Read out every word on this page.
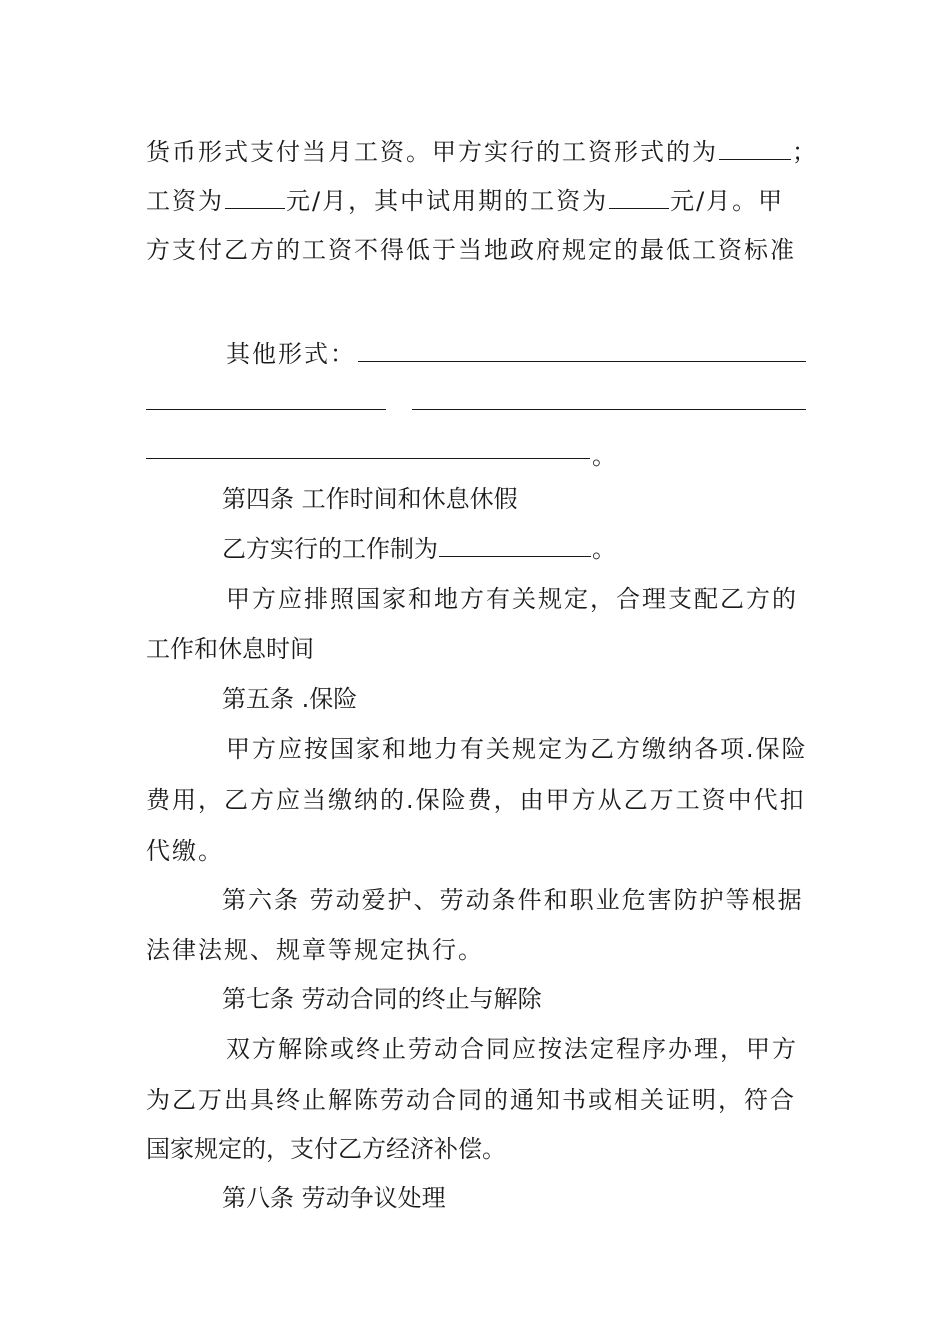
货币形式支付当月工资。甲方实行的工资形式的为	；
工资为	元/月，其中试用期的工资为	元/月。甲
方支付乙方的工资不得低于当地政府规定的最低工资标准
其他形式：
。
第四条 工作时间和休息休假
乙方实行的工作制为	。
甲方应排照国家和地方有关规定，合理支配乙方的
工作和休息时间
第五条 .保险
甲方应按国家和地力有关规定为乙方缴纳各项.保险
费用，乙方应当缴纳的.保险费，由甲方从乙万工资中代扣
代缴。
第六条 劳动爱护、劳动条件和职业危害防护等根据
法律法规、规章等规定执行。
第七条 劳动合同的终止与解除
双方解除或终止劳动合同应按法定程序办理，甲方
为乙万出具终止解陈劳动合同的通知书或相关证明，符合
国家规定的，支付乙方经济补偿。
第八条 劳动争议处理
